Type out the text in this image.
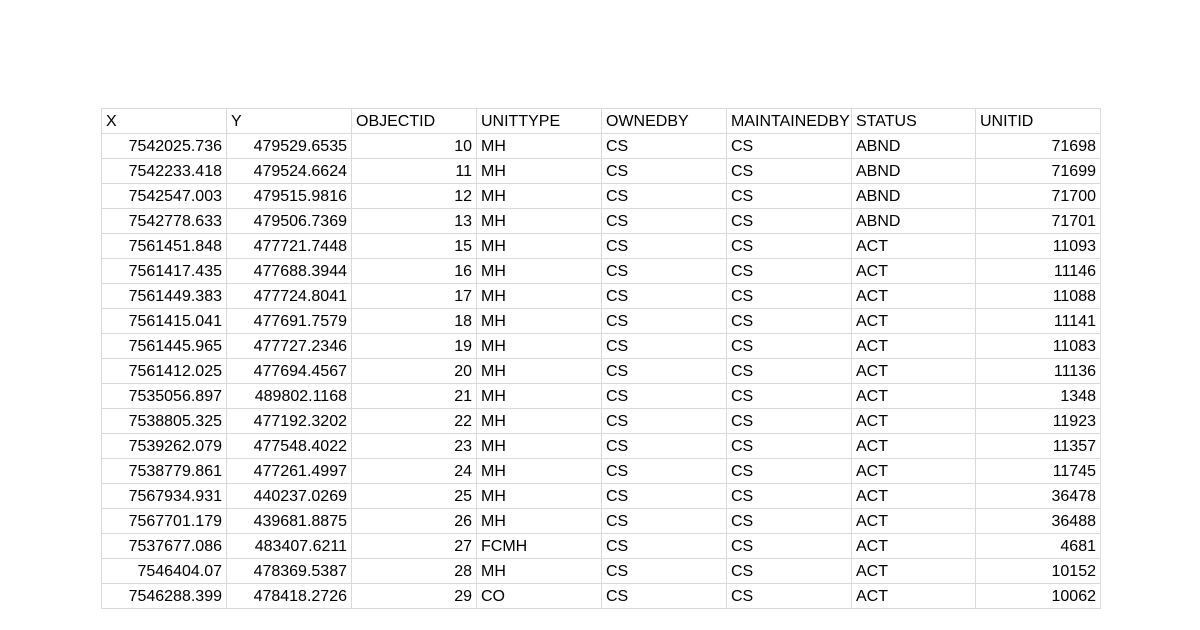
X	Y	OBJECTID	UNITTYPE	OWNEDBY	MAINTAINEDBY	STATUS	UNITID
7542025.736	479529.6535	10	MH	CS	CS	ABND	71698
7542233.418	479524.6624	11	MH	CS	CS	ABND	71699
7542547.003	479515.9816	12	MH	CS	CS	ABND	71700
7542778.633	479506.7369	13	MH	CS	CS	ABND	71701
7561451.848	477721.7448	15	MH	CS	CS	ACT	11093
7561417.435	477688.3944	16	MH	CS	CS	ACT	11146
7561449.383	477724.8041	17	MH	CS	CS	ACT	11088
7561415.041	477691.7579	18	MH	CS	CS	ACT	11141
7561445.965	477727.2346	19	MH	CS	CS	ACT	11083
7561412.025	477694.4567	20	MH	CS	CS	ACT	11136
7535056.897	489802.1168	21	MH	CS	CS	ACT	1348
7538805.325	477192.3202	22	MH	CS	CS	ACT	11923
7539262.079	477548.4022	23	MH	CS	CS	ACT	11357
7538779.861	477261.4997	24	MH	CS	CS	ACT	11745
7567934.931	440237.0269	25	MH	CS	CS	ACT	36478
7567701.179	439681.8875	26	MH	CS	CS	ACT	36488
7537677.086	483407.6211	27	FCMH	CS	CS	ACT	4681
7546404.07	478369.5387	28	MH	CS	CS	ACT	10152
7546288.399	478418.2726	29	CO	CS	CS	ACT	10062
